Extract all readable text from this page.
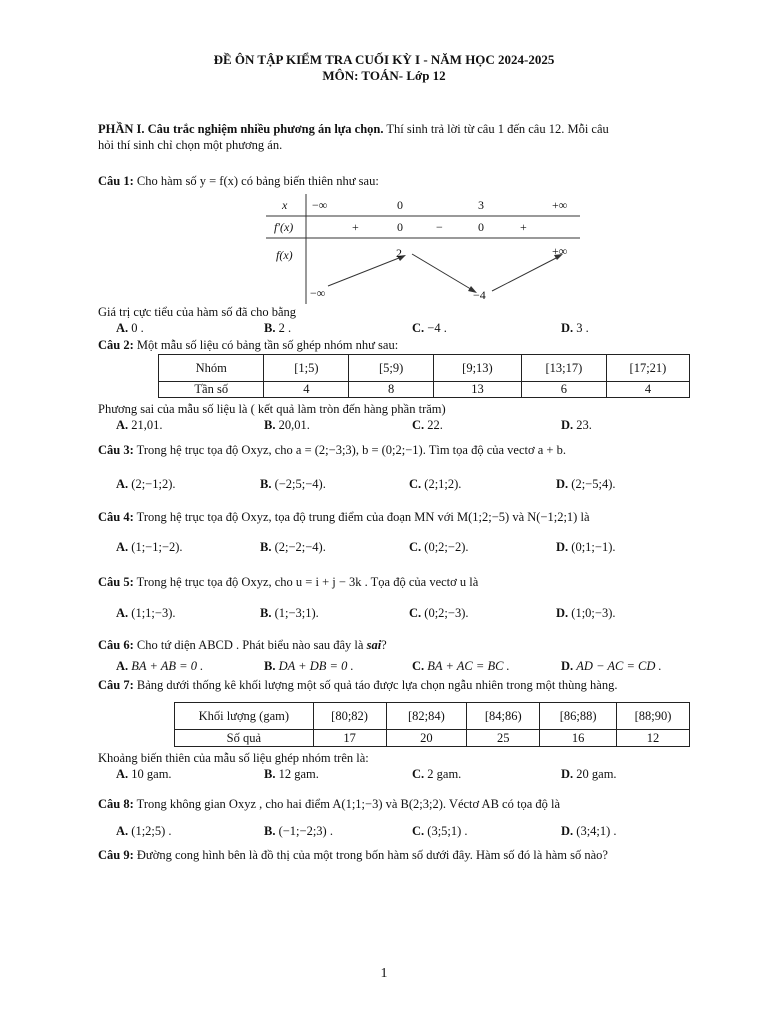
ĐỀ ÔN TẬP KIỂM TRA CUỐI KỲ I - NĂM HỌC 2024-2025
MÔN: TOÁN- Lớp 12
PHẦN I. Câu trắc nghiệm nhiều phương án lựa chọn. Thí sinh trả lời từ câu 1 đến câu 12. Mỗi câu
hỏi thí sinh chỉ chọn một phương án.
Câu 1: Cho hàm số y = f(x) có bảng biến thiên như sau:
x −∞	0	3	+∞
f′(x)	+	0	−	0	+
f(x)	2	+∞
−∞	−4
Giá trị cực tiểu của hàm số đã cho bằng
A. 0 .	B. 2 .	C. −4 .	D. 3 .
Câu 2: Một mẫu số liệu có bảng tần số ghép nhóm như sau:
Nhóm	[1;5)	[5;9)	[9;13)	[13;17)	[17;21)
Tần số	4	8	13	6	4
Phương sai của mẫu số liệu là ( kết quả làm tròn đến hàng phần trăm)
A. 21,01.	B. 20,01.	C. 22.	D. 23.
Câu 3: Trong hệ trục tọa độ Oxyz, cho a = (2;−3;3), b = (0;2;−1). Tìm tọa độ của vectơ a + b.
A. (2;−1;2).	B. (−2;5;−4).	C. (2;1;2).	D. (2;−5;4).
Câu 4: Trong hệ trục tọa độ Oxyz, tọa độ trung điểm của đoạn MN với M(1;2;−5) và N(−1;2;1) là
A. (1;−1;−2).	B. (2;−2;−4).	C. (0;2;−2).	D. (0;1;−1).
Câu 5: Trong hệ trục tọa độ Oxyz, cho u = i + j − 3k . Tọa độ của vectơ u là
A. (1;1;−3).	B. (1;−3;1).	C. (0;2;−3).	D. (1;0;−3).
Câu 6: Cho tứ diện ABCD . Phát biểu nào sau đây là sai?
A. BA + AB = 0 .	B. DA + DB = 0 .	C. BA + AC = BC .	D. AD − AC = CD .
Câu 7: Bảng dưới thống kê khối lượng một số quả táo được lựa chọn ngẫu nhiên trong một thùng hàng.
Khối lượng (gam)	[80;82)	[82;84)	[84;86)	[86;88)	[88;90)
Số quả	17	20	25	16	12
Khoảng biến thiên của mẫu số liệu ghép nhóm trên là:
A. 10 gam.	B. 12 gam.	C. 2 gam.	D. 20 gam.
Câu 8: Trong không gian Oxyz , cho hai điểm A(1;1;−3) và B(2;3;2). Véctơ AB có tọa độ là
A. (1;2;5) .	B. (−1;−2;3) .	C. (3;5;1) .	D. (3;4;1) .
Câu 9: Đường cong hình bên là đồ thị của một trong bốn hàm số dưới đây. Hàm số đó là hàm số nào?
1
